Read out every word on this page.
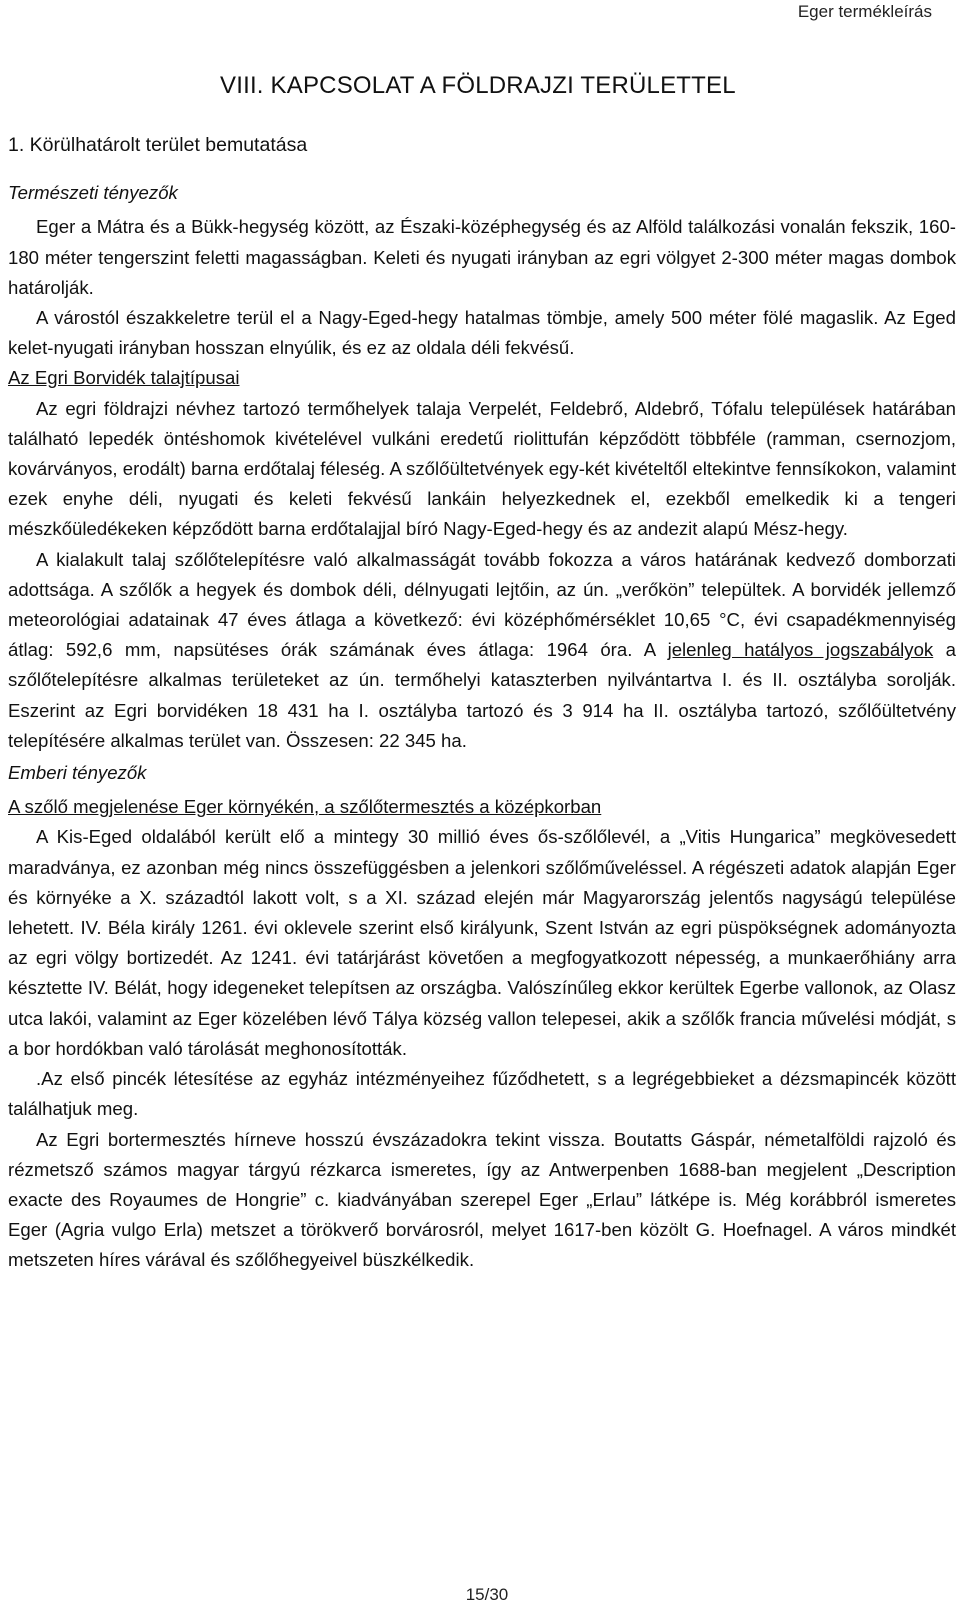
Eger termékleírás
VIII. KAPCSOLAT A FÖLDRAJZI TERÜLETTEL
1. Körülhatárolt terület bemutatása
Természeti tényezők

Eger a Mátra és a Bükk-hegység között, az Északi-középhegység és az Alföld találkozási vonalán fekszik, 160-180 méter tengerszint feletti magasságban. Keleti és nyugati irányban az egri völgyet 2-300 méter magas dombok határolják.

A várostól északkeletre terül el a Nagy-Eged-hegy hatalmas tömbje, amely 500 méter fölé magaslik. Az Eged kelet-nyugati irányban hosszan elnyúlik, és ez az oldala déli fekvésű.

Az Egri Borvidék talajtípusai

Az egri földrajzi névhez tartozó termőhelyek talaja Verpelét, Feldebrő, Aldebrő, Tófalu települések határában található lepedék öntéshomok kivételével vulkáni eredetű riolittufán képződött többféle (ramman, csernozjom, kovárványos, erodált) barna erdőtalaj féleség. A szőlőültetvények egy-két kivételtől eltekintve fennsíkokon, valamint ezek enyhe déli, nyugati és keleti fekvésű lankáin helyezkednek el, ezekből emelkedik ki a tengeri mészkőüledékeken képződött barna erdőtalajjal bíró Nagy-Eged-hegy és az andezit alapú Mész-hegy.

A kialakult talaj szőlőtelepítésre való alkalmasságát tovább fokozza a város határának kedvező domborzati adottsága. A szőlők a hegyek és dombok déli, délnyugati lejtőin, az ún. „verőkön” települtek. A borvidék jellemző meteorológiai adatainak 47 éves átlaga a következő: évi középhőmérséklet 10,65 °C, évi csapadékmennyiség átlag: 592,6 mm, napsütéses órák számának éves átlaga: 1964 óra. A jelenleg hatályos jogszabályok a szőlőtelepítésre alkalmas területeket az ún. termőhelyi kataszterben nyilvántartva I. és II. osztályba sorolják. Eszerint az Egri borvidéken 18 431 ha I. osztályba tartozó és 3 914 ha II. osztályba tartozó, szőlőültetvény telepítésére alkalmas terület van. Összesen: 22 345 ha.

Emberi tényezők
A szőlő megjelenése Eger környékén, a szőlőtermesztés a középkorban

A Kis-Eged oldalából került elő a mintegy 30 millió éves ős-szőlőlevél, a „Vitis Hungarica” megkövesedett maradványa, ez azonban még nincs összefüggésben a jelenkori szőlőműveléssel. A régészeti adatok alapján Eger és környéke a X. századtól lakott volt, s a XI. század elején már Magyarország jelentős nagyságú települése lehetett. IV. Béla király 1261. évi oklevele szerint első királyunk, Szent István az egri püspökségnek adományozta az egri völgy bortizedét. Az 1241. évi tatárjárást követően a megfogyatkozott népesség, a munkaerőhiány arra késztette IV. Bélát, hogy idegeneket telepítsen az országba. Valószínűleg ekkor kerültek Egerbe vallonok, az Olasz utca lakói, valamint az Eger közelében lévő Tálya község vallon telepesei, akik a szőlők francia művelési módját, s a bor hordókban való tárolását meghonosították.

.Az első pincék létesítése az egyház intézményeihez fűződhetett, s a legrégebbieket a dézsmapincék között találhatjuk meg.

Az Egri bortermesztés hírneve hosszú évszázadokra tekint vissza. Boutatts Gáspár, németalföldi rajzoló és rézmetsző számos magyar tárgyú rézkarca ismeretes, így az Antwerpenben 1688-ban megjelent „Description exacte des Royaumes de Hongrie” c. kiadványában szerepel Eger „Erlau” látképe is. Még korábbról ismeretes Eger (Agria vulgo Erla) metszet a törökverő borvárosról, melyet 1617-ben közölt G. Hoefnagel. A város mindkét metszeten híres várával és szőlőhegyeivel büszkélkedik.

15/30
